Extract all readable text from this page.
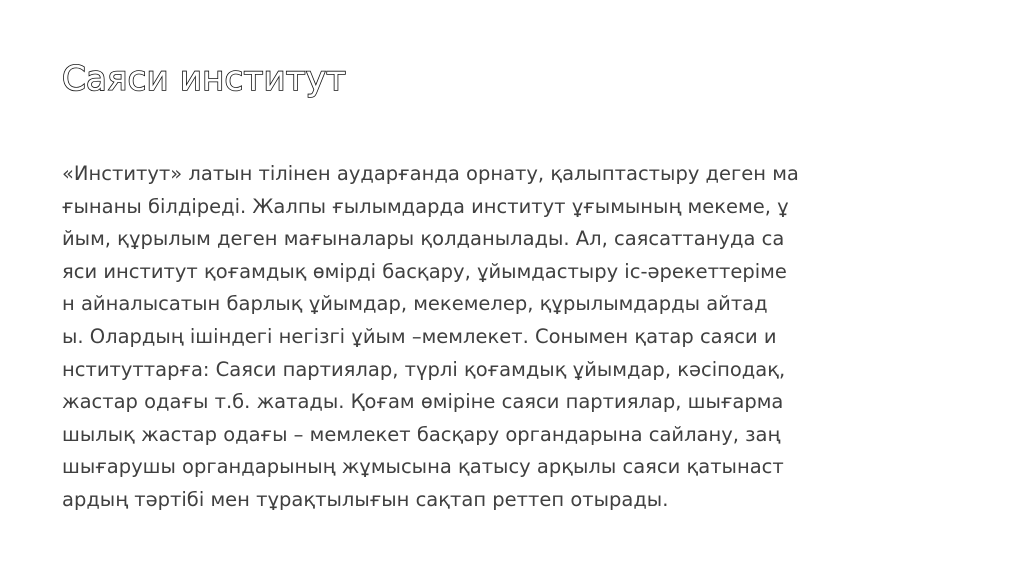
Саяси институт
«Институт» латын тілінен аударғанда орнату, қалыптастыру деген ма
ғынаны білдіреді. Жалпы ғылымдарда институт ұғымының мекеме, ұ
йым, құрылым деген мағыналары қолданылады. Ал, саясаттануда са
яси институт қоғамдық өмірді басқару, ұйымдастыру іс-әрекеттеріме
н айналысатын барлық ұйымдар, мекемелер, құрылымдарды айтад
ы. Олардың ішіндегі негізгі ұйым –мемлекет. Сонымен қатар саяси и
нституттарға: Саяси партиялар, түрлі қоғамдық ұйымдар, кәсіподақ,
жастар одағы т.б. жатады. Қоғам өміріне саяси партиялар, шығарма
шылық жастар одағы – мемлекет басқару органдарына сайлану, заң
шығарушы органдарының жұмысына қатысу арқылы саяси қатынаст
ардың тәртібі мен тұрақтылығын сақтап реттеп отырады.
